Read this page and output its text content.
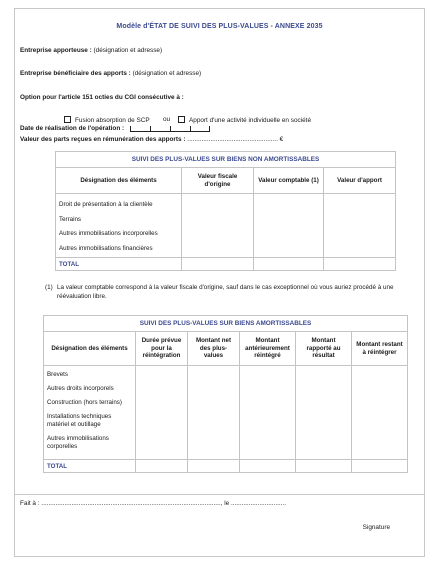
Modèle d'ÉTAT DE SUIVI DES PLUS-VALUES - ANNEXE 2035
Entreprise apporteuse : (désignation et adresse)
Entreprise bénéficiaire des apports : (désignation et adresse)
Option pour l'article 151 octies du CGI consécutive à :
Fusion absorption de SCP ou	Apport d'une activité individuelle en société
Date de réalisation de l'opération :
Valeur des parts reçues en rémunération des apports : ................................................... €
SUIVI DES PLUS-VALUES SUR BIENS NON AMORTISSABLES			
Désignation des éléments	Valeur fiscale d'origine	Valeur comptable (1)	Valeur d'apport

Droit de présentation à la clientèle
Terrains
Autres immobilisations incorporelles
Autres immobilisations financières			

TOTAL			
(1) La valeur comptable correspond à la valeur fiscale d'origine, sauf dans le cas exceptionnel où vous auriez procédé à une réévaluation libre.
SUIVI DES PLUS-VALUES SUR BIENS AMORTISSABLES					
Désignation des éléments	Durée prévue pour la réintégration	Montant net des plus-values	Montant antérieurement réintégré	Montant rapporté au résultat	Montant restant à réintégrer

Brevets
Autres droits incorporels
Construction (hors terrains)
Installations techniques matériel et outillage
Autres immobilisations corporelles					

TOTAL					
Fait à : ....................................................................................................., le ...............................
Signature
